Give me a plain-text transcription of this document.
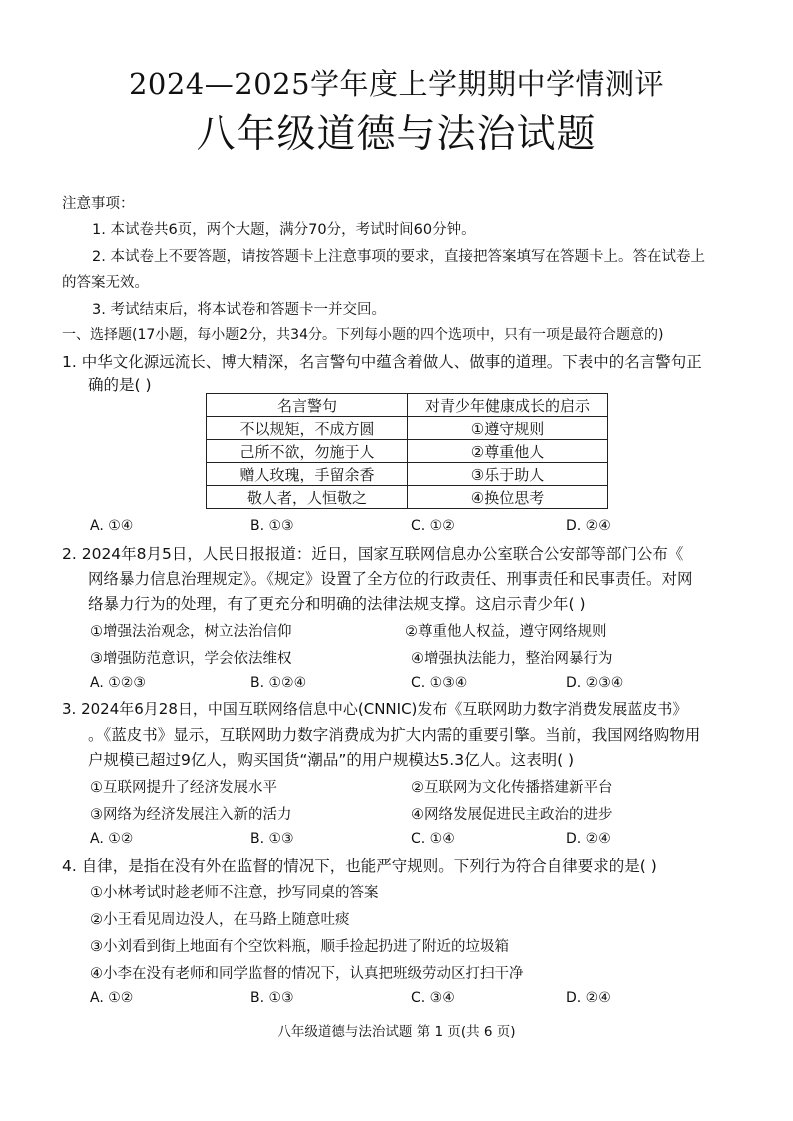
2024—2025学年度上学期期中学情测评
八年级道德与法治试题
注意事项：
1. 本试卷共6页，两个大题，满分70分，考试时间60分钟。
2. 本试卷上不要答题，请按答题卡上注意事项的要求，直接把答案填写在答题卡上。答在试卷上
的答案无效。
3. 考试结束后，将本试卷和答题卡一并交回。
一、选择题(17小题，每小题2分，共34分。下列每小题的四个选项中，只有一项是最符合题意的)
1. 中华文化源远流长、博大精深，名言警句中蕴含着做人、做事的道理。下表中的名言警句正
确的是( )
名言警句	对青少年健康成长的启示
不以规矩，不成方圆	①遵守规则
己所不欲，勿施于人	②尊重他人
赠人玫瑰，手留余香	③乐于助人
敬人者，人恒敬之	④换位思考
A. ①④	B. ①③	C. ①②	D. ②④
2. 2024年8月5日，人民日报报道：近日，国家互联网信息办公室联合公安部等部门公布《
网络暴力信息治理规定》。《规定》设置了全方位的行政责任、刑事责任和民事责任。对网
络暴力行为的处理，有了更充分和明确的法律法规支撑。这启示青少年( )
①增强法治观念，树立法治信仰	②尊重他人权益，遵守网络规则
③增强防范意识，学会依法维权	④增强执法能力，整治网暴行为
A. ①②③	B. ①②④	C. ①③④	D. ②③④
3. 2024年6月28日，中国互联网络信息中心(CNNIC)发布《互联网助力数字消费发展蓝皮书》
。《蓝皮书》显示，互联网助力数字消费成为扩大内需的重要引擎。当前，我国网络购物用
户规模已超过9亿人，购买国货“潮品”的用户规模达5.3亿人。这表明( )
①互联网提升了经济发展水平	②互联网为文化传播搭建新平台
③网络为经济发展注入新的活力	④网络发展促进民主政治的进步
A. ①②	B. ①③	C. ①④	D. ②④
4. 自律，是指在没有外在监督的情况下，也能严守规则。下列行为符合自律要求的是( )
①小林考试时趁老师不注意，抄写同桌的答案
②小王看见周边没人，在马路上随意吐痰
③小刘看到街上地面有个空饮料瓶，顺手捡起扔进了附近的垃圾箱
④小李在没有老师和同学监督的情况下，认真把班级劳动区打扫干净
A. ①②	B. ①③	C. ③④	D. ②④
八年级道德与法治试题 第 1 页(共 6 页)
